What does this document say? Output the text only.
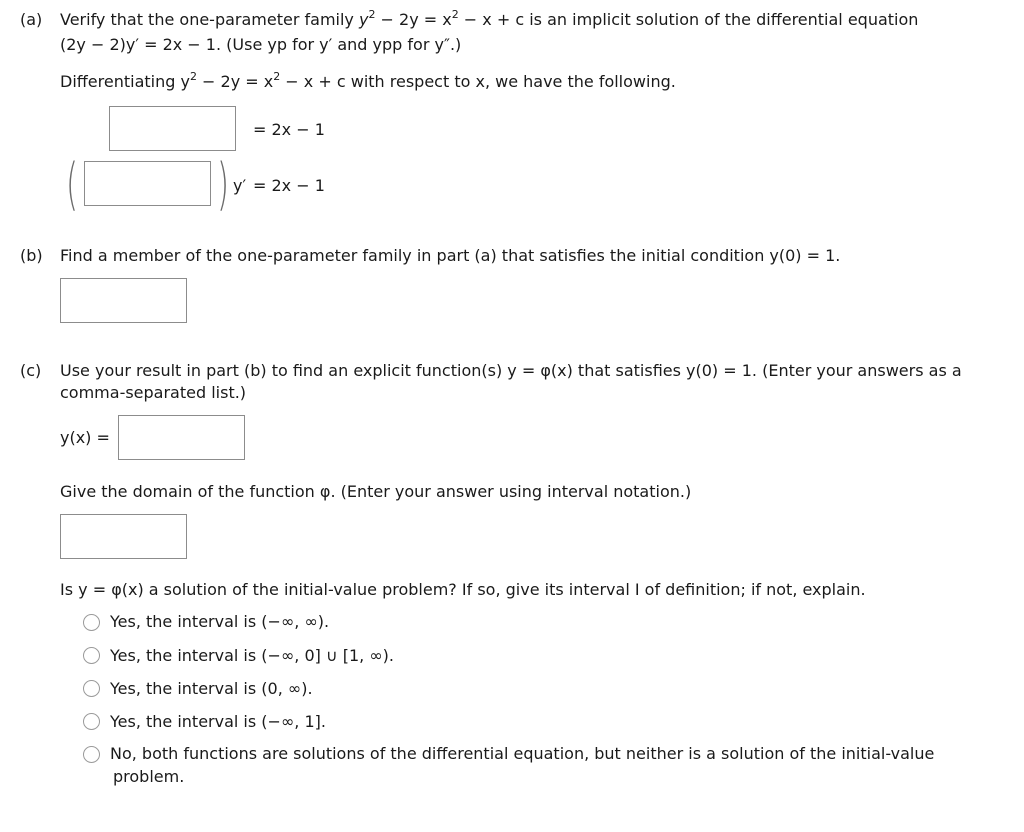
(a) Verify that the one-parameter family $y^2 - 2y = x^2 - x + c$ is an implicit solution of the differential equation
(2y − 2)y′ = 2x − 1. (Use yp for y′ and ypp for y″.)
Differentiating $y^2 - 2y = x^2 - x + c$ with respect to x, we have the following.
= 2x − 1
( ) y′ = 2x − 1
(b) Find a member of the one-parameter family in part (a) that satisfies the initial condition y(0) = 1.
(c) Use your result in part (b) to find an explicit function(s) y = φ(x) that satisfies y(0) = 1. (Enter your answers as a
comma-separated list.)
y(x) =
Give the domain of the function φ. (Enter your answer using interval notation.)
Is y = φ(x) a solution of the initial-value problem? If so, give its interval I of definition; if not, explain.
Yes, the interval is (−∞, ∞).
Yes, the interval is (−∞, 0] ∪ [1, ∞).
Yes, the interval is (0, ∞).
Yes, the interval is (−∞, 1].
No, both functions are solutions of the differential equation, but neither is a solution of the initial-value
problem.
